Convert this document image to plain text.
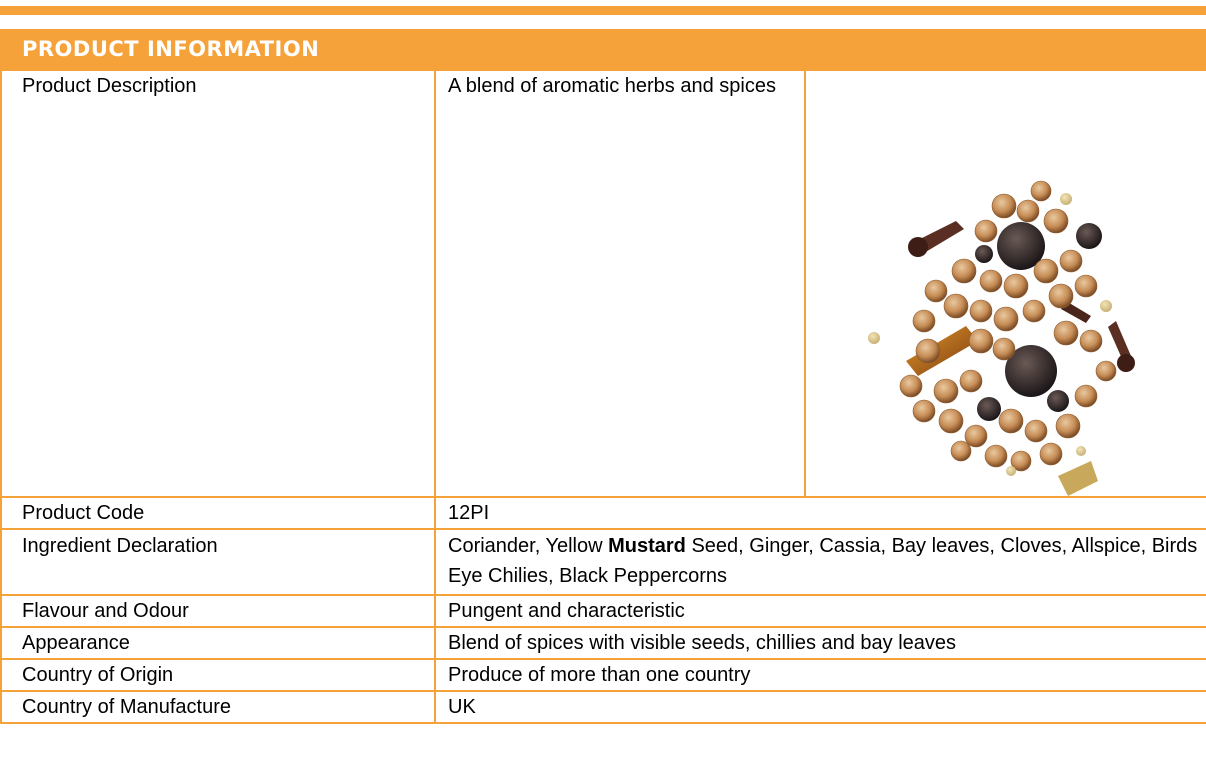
PRODUCT INFORMATION
Product Description	A blend of aromatic herbs and spices	

Product Code	12PI	
Ingredient Declaration	Coriander, Yellow Mustard Seed, Ginger, Cassia, Bay leaves, Cloves, Allspice, Birds Eye Chilies, Black Peppercorns	
Flavour and Odour	Pungent and characteristic	
Appearance	Blend of spices with visible seeds, chillies and bay leaves	
Country of Origin	Produce of more than one country	
Country of Manufacture	UK	
